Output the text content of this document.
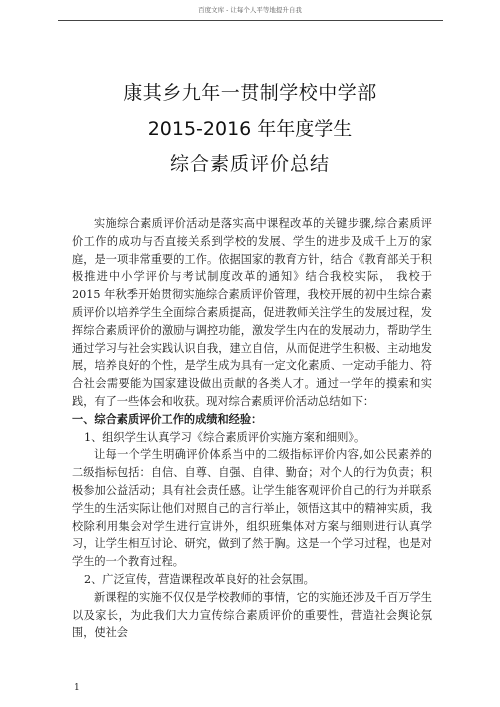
百度文库 - 让每个人平等地提升自我
康其乡九年一贯制学校中学部
2015-2016 年年度学生
综合素质评价总结

实施综合素质评价活动是落实高中课程改革的关键步骤,综合素质评价工作的成功与否直接关系到学校的发展、学生的进步及成千上万的家庭，是一项非常重要的工作。依据国家的教育方针，结合《教育部关于积极推进中小学评价与考试制度改革的通知》结合我校实际， 我校于 2015 年秋季开始贯彻实施综合素质评价管理，我校开展的初中生综合素质评价以培养学生全面综合素质提高，促进教师关注学生的发展过程，发挥综合素质评价的激励与调控功能，激发学生内在的发展动力，帮助学生通过学习与社会实践认识自我，建立自信，从而促进学生积极、主动地发展，培养良好的个性，是学生成为具有一定文化素质、一定动手能力、符合社会需要能为国家建设做出贡献的各类人才。通过一学年的摸索和实践，有了一些体会和收获。现对综合素质评价活动总结如下：

一、综合素质评价工作的成绩和经验：

1、组织学生认真学习《综合素质评价实施方案和细则》。

让每一个学生明确评价体系当中的二级指标评价内容,如公民素养的二级指标包括：自信、自尊、自强、自律、勤奋；对个人的行为负责；积极参加公益活动；具有社会责任感。让学生能客观评价自己的行为并联系学生的生活实际让他们对照自己的言行举止，领悟这其中的精神实质，我校除利用集会对学生进行宣讲外，组织班集体对方案与细则进行认真学习，让学生相互讨论、研究，做到了然于胸。这是一个学习过程，也是对学生的一个教育过程。

2、广泛宣传，营造课程改革良好的社会氛围。

新课程的实施不仅仅是学校教师的事情，它的实施还涉及千百万学生以及家长，为此我们大力宣传综合素质评价的重要性，营造社会舆论氛围，使社会

1
